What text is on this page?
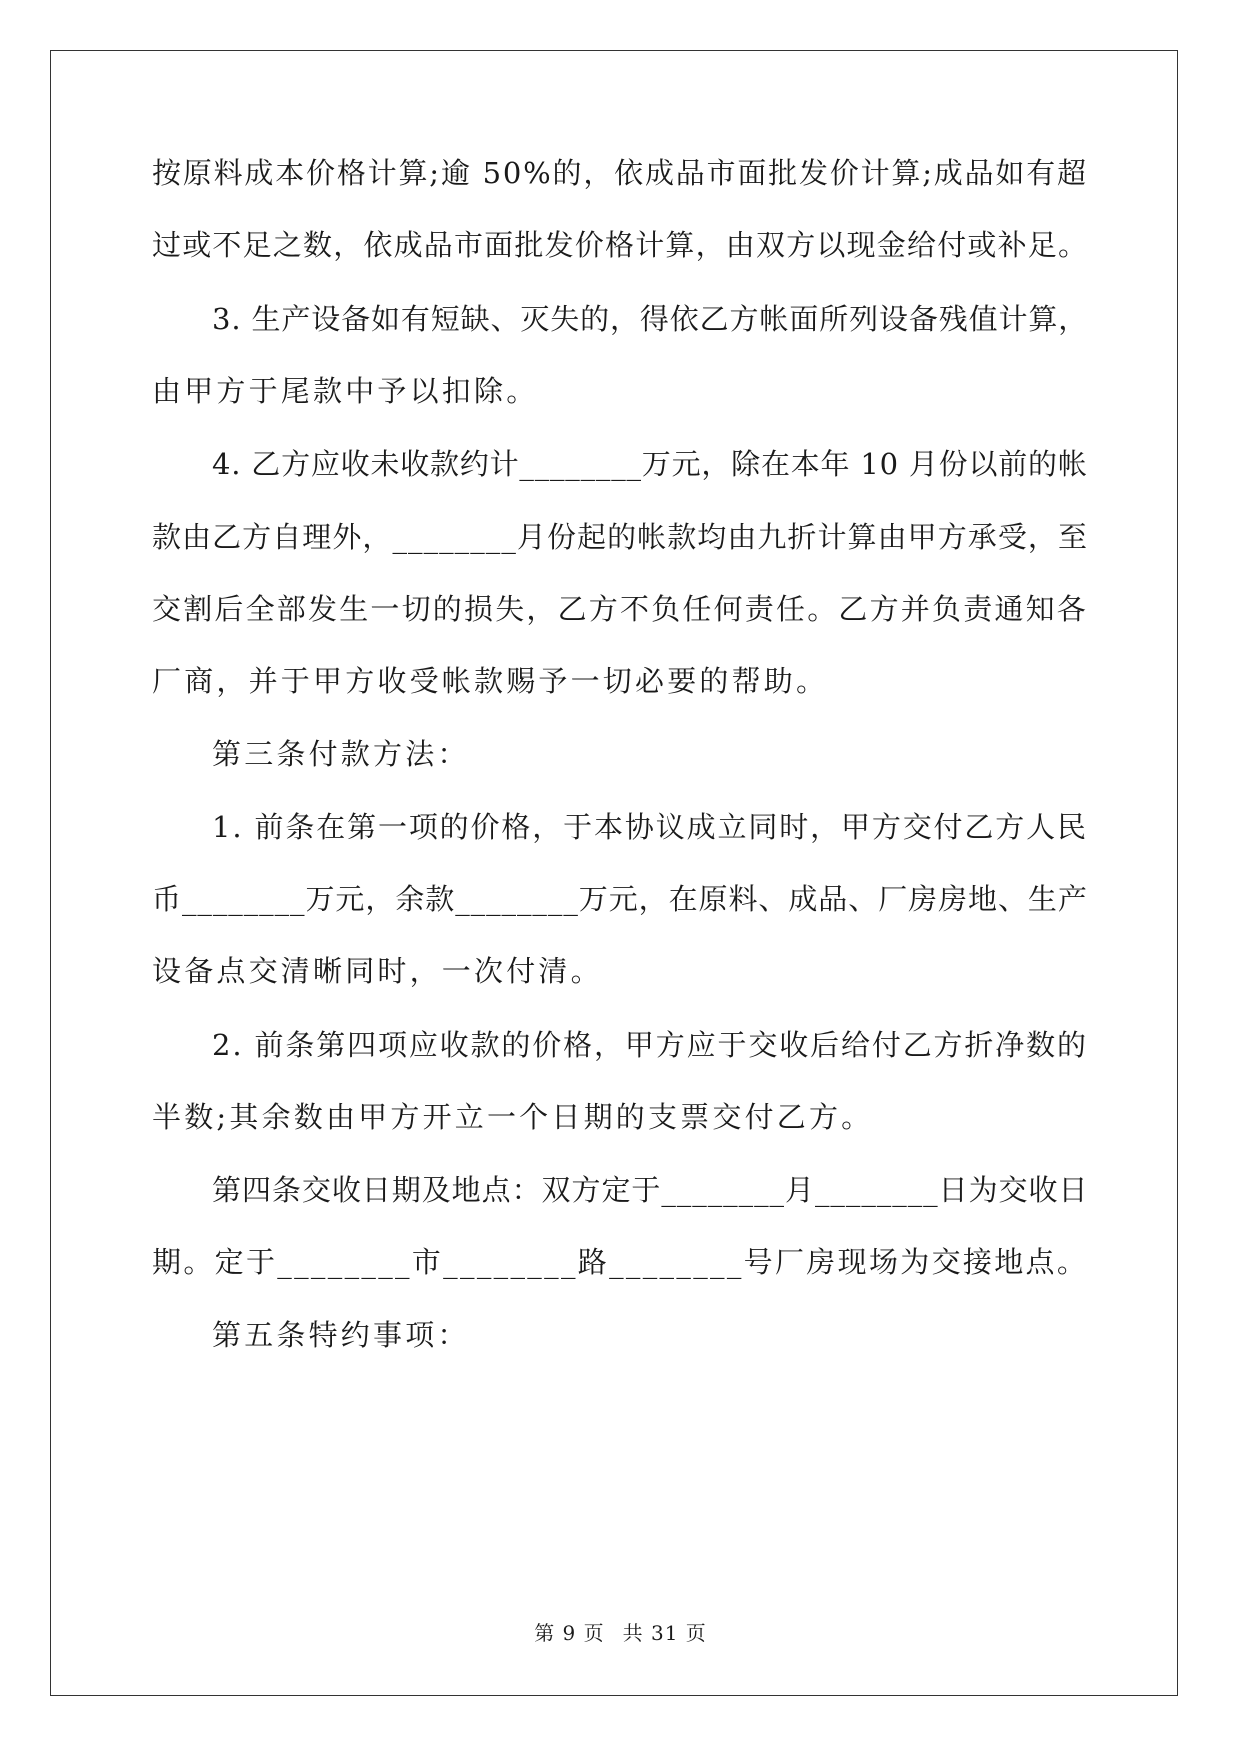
按原料成本价格计算;逾 50%的，依成品市面批发价计算;成品如有超
过或不足之数，依成品市面批发价格计算，由双方以现金给付或补足。
3. 生产设备如有短缺、灭失的，得依乙方帐面所列设备残值计算，
由甲方于尾款中予以扣除。
4. 乙方应收未收款约计________万元，除在本年 10 月份以前的帐
款由乙方自理外，________月份起的帐款均由九折计算由甲方承受，至
交割后全部发生一切的损失，乙方不负任何责任。乙方并负责通知各
厂商，并于甲方收受帐款赐予一切必要的帮助。
第三条付款方法：
1. 前条在第一项的价格，于本协议成立同时，甲方交付乙方人民
币________万元，余款________万元，在原料、成品、厂房房地、生产
设备点交清晰同时，一次付清。
2. 前条第四项应收款的价格，甲方应于交收后给付乙方折净数的
半数;其余数由甲方开立一个日期的支票交付乙方。
第四条交收日期及地点：双方定于________月________日为交收日
期。定于________市________路________号厂房现场为交接地点。
第五条特约事项：
第 9 页 共 31 页
